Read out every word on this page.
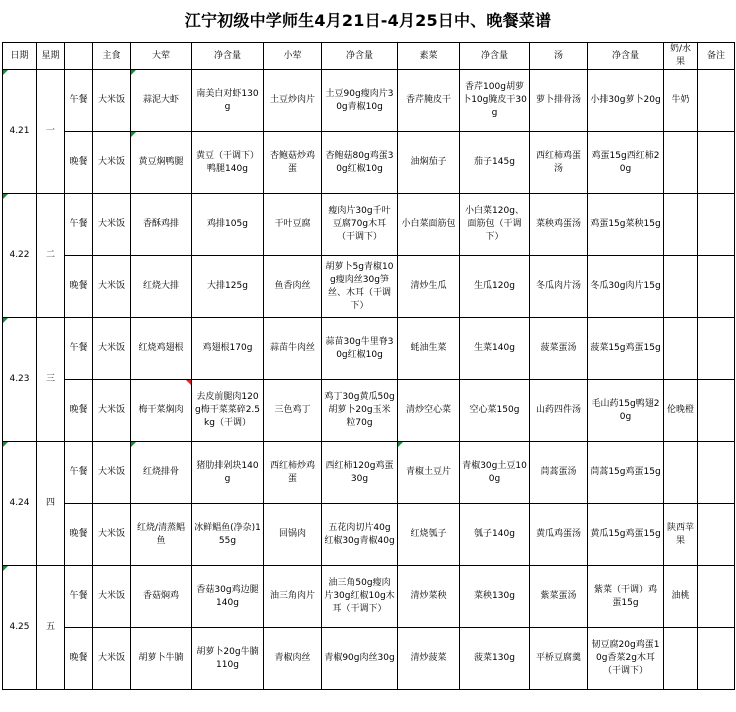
江宁初级中学师生4月21日-4月25日中、晚餐菜谱
日期	星期		主食	大荤	净含量	小荤	净含量	素菜	净含量	汤	净含量	奶/水果	备注
4.21	一	午餐	大米饭	蒜泥大虾	南美白对虾130g	土豆炒肉片	土豆90g瘦肉片30g青椒10g	香芹腌皮干	香芹100g胡萝卜10g腌皮干30g	萝卜排骨汤	小排30g萝卜20g	牛奶	
		晚餐	大米饭	黄豆焖鸭腿	黄豆（干调下）鸭腿140g	杏鲍菇炒鸡蛋	杏鲍菇80g鸡蛋30g红椒10g	油焖茄子	茄子145g	西红柿鸡蛋汤	鸡蛋15g西红柿20g		
4.22	二	午餐	大米饭	香酥鸡排	鸡排105g	干叶豆腐	瘦肉片30g千叶豆腐70g木耳（干调下）	小白菜面筋包	小白菜120g、面筋包（干调下）	菜秧鸡蛋汤	鸡蛋15g菜秧15g		
		晚餐	大米饭	红烧大排	大排125g	鱼香肉丝	胡萝卜5g青椒10g瘦肉丝30g笋丝、木耳（干调下）	清炒生瓜	生瓜120g	冬瓜肉片汤	冬瓜30g肉片15g		
4.23	三	午餐	大米饭	红烧鸡翅根	鸡翅根170g	蒜苗牛肉丝	蒜苗30g牛里脊30g红椒10g	蚝油生菜	生菜140g	菠菜蛋汤	菠菜15g鸡蛋15g		
		晚餐	大米饭	梅干菜焖肉	去皮前腿肉120g梅干菜菜碎2.5kg（干调）	三色鸡丁	鸡丁30g黄瓜50g胡萝卜20g玉米粒70g	清炒空心菜	空心菜150g	山药四件汤	毛山药15g鸭翅20g	伦晚橙	
4.24	四	午餐	大米饭	红烧排骨	猪肋排剁块140g	西红柿炒鸡蛋	西红柿120g鸡蛋30g	青椒土豆片	青椒30g土豆100g	茼蒿蛋汤	茼蒿15g鸡蛋15g		
		晚餐	大米饭	红烧/清蒸鲳鱼	冰鲜鲳鱼(净杂)155g	回锅肉	五花肉切片40g红椒30g青椒40g	红烧瓠子	瓠子140g	黄瓜鸡蛋汤	黄瓜15g鸡蛋15g	陕西苹果	
4.25	五	午餐	大米饭	香菇焖鸡	香菇30g鸡边腿140g	油三角肉片	油三角50g瘦肉片30g红椒10g木耳（干调下）	清炒菜秧	菜秧130g	紫菜蛋汤	紫菜（干调）鸡蛋15g	油桃	
		晚餐	大米饭	胡萝卜牛腩	胡萝卜20g牛腩110g	青椒肉丝	青椒90g肉丝30g	清炒菠菜	菠菜130g	平桥豆腐羹	韧豆腐20g鸡蛋10g香菜2g木耳（干调下）		
